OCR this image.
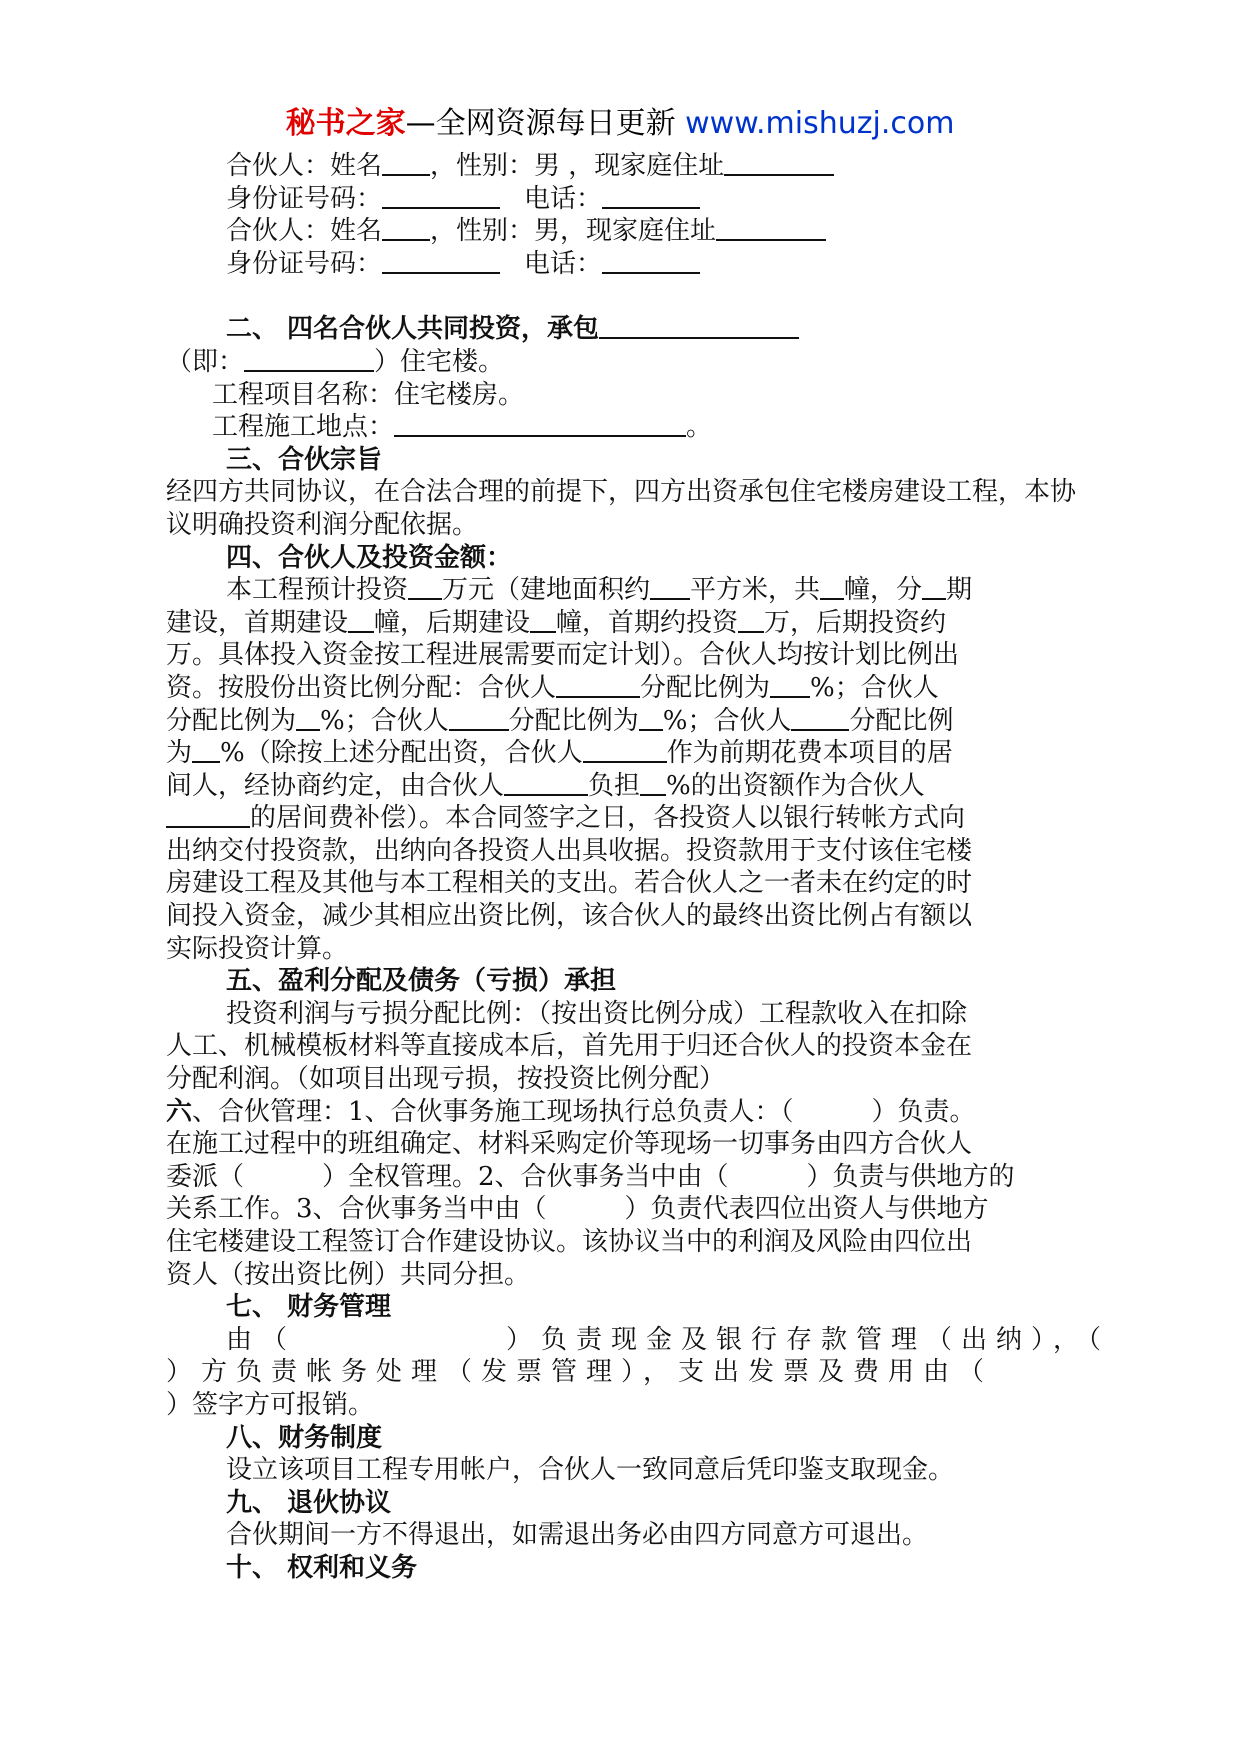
秘书之家—全网资源每日更新 www.mishuzj.com
合伙人：姓名 ，性别：男 ，现家庭住址
身份证号码：	电话：
合伙人：姓名 ，性别：男，现家庭住址
身份证号码：	电话：
二、 四名合伙人共同投资，承包
（即：	）住宅楼。
工程项目名称：住宅楼房。
工程施工地点：	。
三、合伙宗旨
经四方共同协议，在合法合理的前提下，四方出资承包住宅楼房建设工程，本协议明确投资利润分配依据。
四、合伙人及投资金额：
本工程预计投资 万元（建地面积约 平方米，共 幢，分 期
建设，首期建设 幢，后期建设 幢，首期约投资 万，后期投资约
万。具体投入资金按工程进展需要而定计划）。合伙人均按计划比例出
资。按股份出资比例分配：合伙人	分配比例为 %；合伙人
分配比例为 %；合伙人 分配比例为 %；合伙人 分配比例
为 %（除按上述分配出资，合伙人	作为前期花费本项目的居
间人，经协商约定，由合伙人	负担 %的出资额作为合伙人
的居间费补偿）。本合同签字之日，各投资人以银行转帐方式向
出纳交付投资款，出纳向各投资人出具收据。投资款用于支付该住宅楼
房建设工程及其他与本工程相关的支出。若合伙人之一者未在约定的时
间投入资金，减少其相应出资比例，该合伙人的最终出资比例占有额以
实际投资计算。
五、盈利分配及债务（亏损）承担
投资利润与亏损分配比例：（按出资比例分成）工程款收入在扣除
人工、机械模板材料等直接成本后，首先用于归还合伙人的投资本金在
分配利润。（如项目出现亏损，按投资比例分配）
六、合伙管理：1、合伙事务施工现场执行总负责人：（　　　）负责。
在施工过程中的班组确定、材料采购定价等现场一切事务由四方合伙人
委派（　　　）全权管理。2、合伙事务当中由（　　　）负责与供地方的
关系工作。3、合伙事务当中由（　　　）负责代表四位出资人与供地方
住宅楼建设工程签订合作建设协议。该协议当中的利润及风险由四位出
资人（按出资比例）共同分担。
七、 财务管理
由（　　　　　　）负责现金及银行存款管理（出纳），（
）方负责帐务处理（发票管理），支出发票及费用由（
）签字方可报销。
八、财务制度
设立该项目工程专用帐户，合伙人一致同意后凭印鉴支取现金。
九、 退伙协议
合伙期间一方不得退出，如需退出务必由四方同意方可退出。
十、 权利和义务
